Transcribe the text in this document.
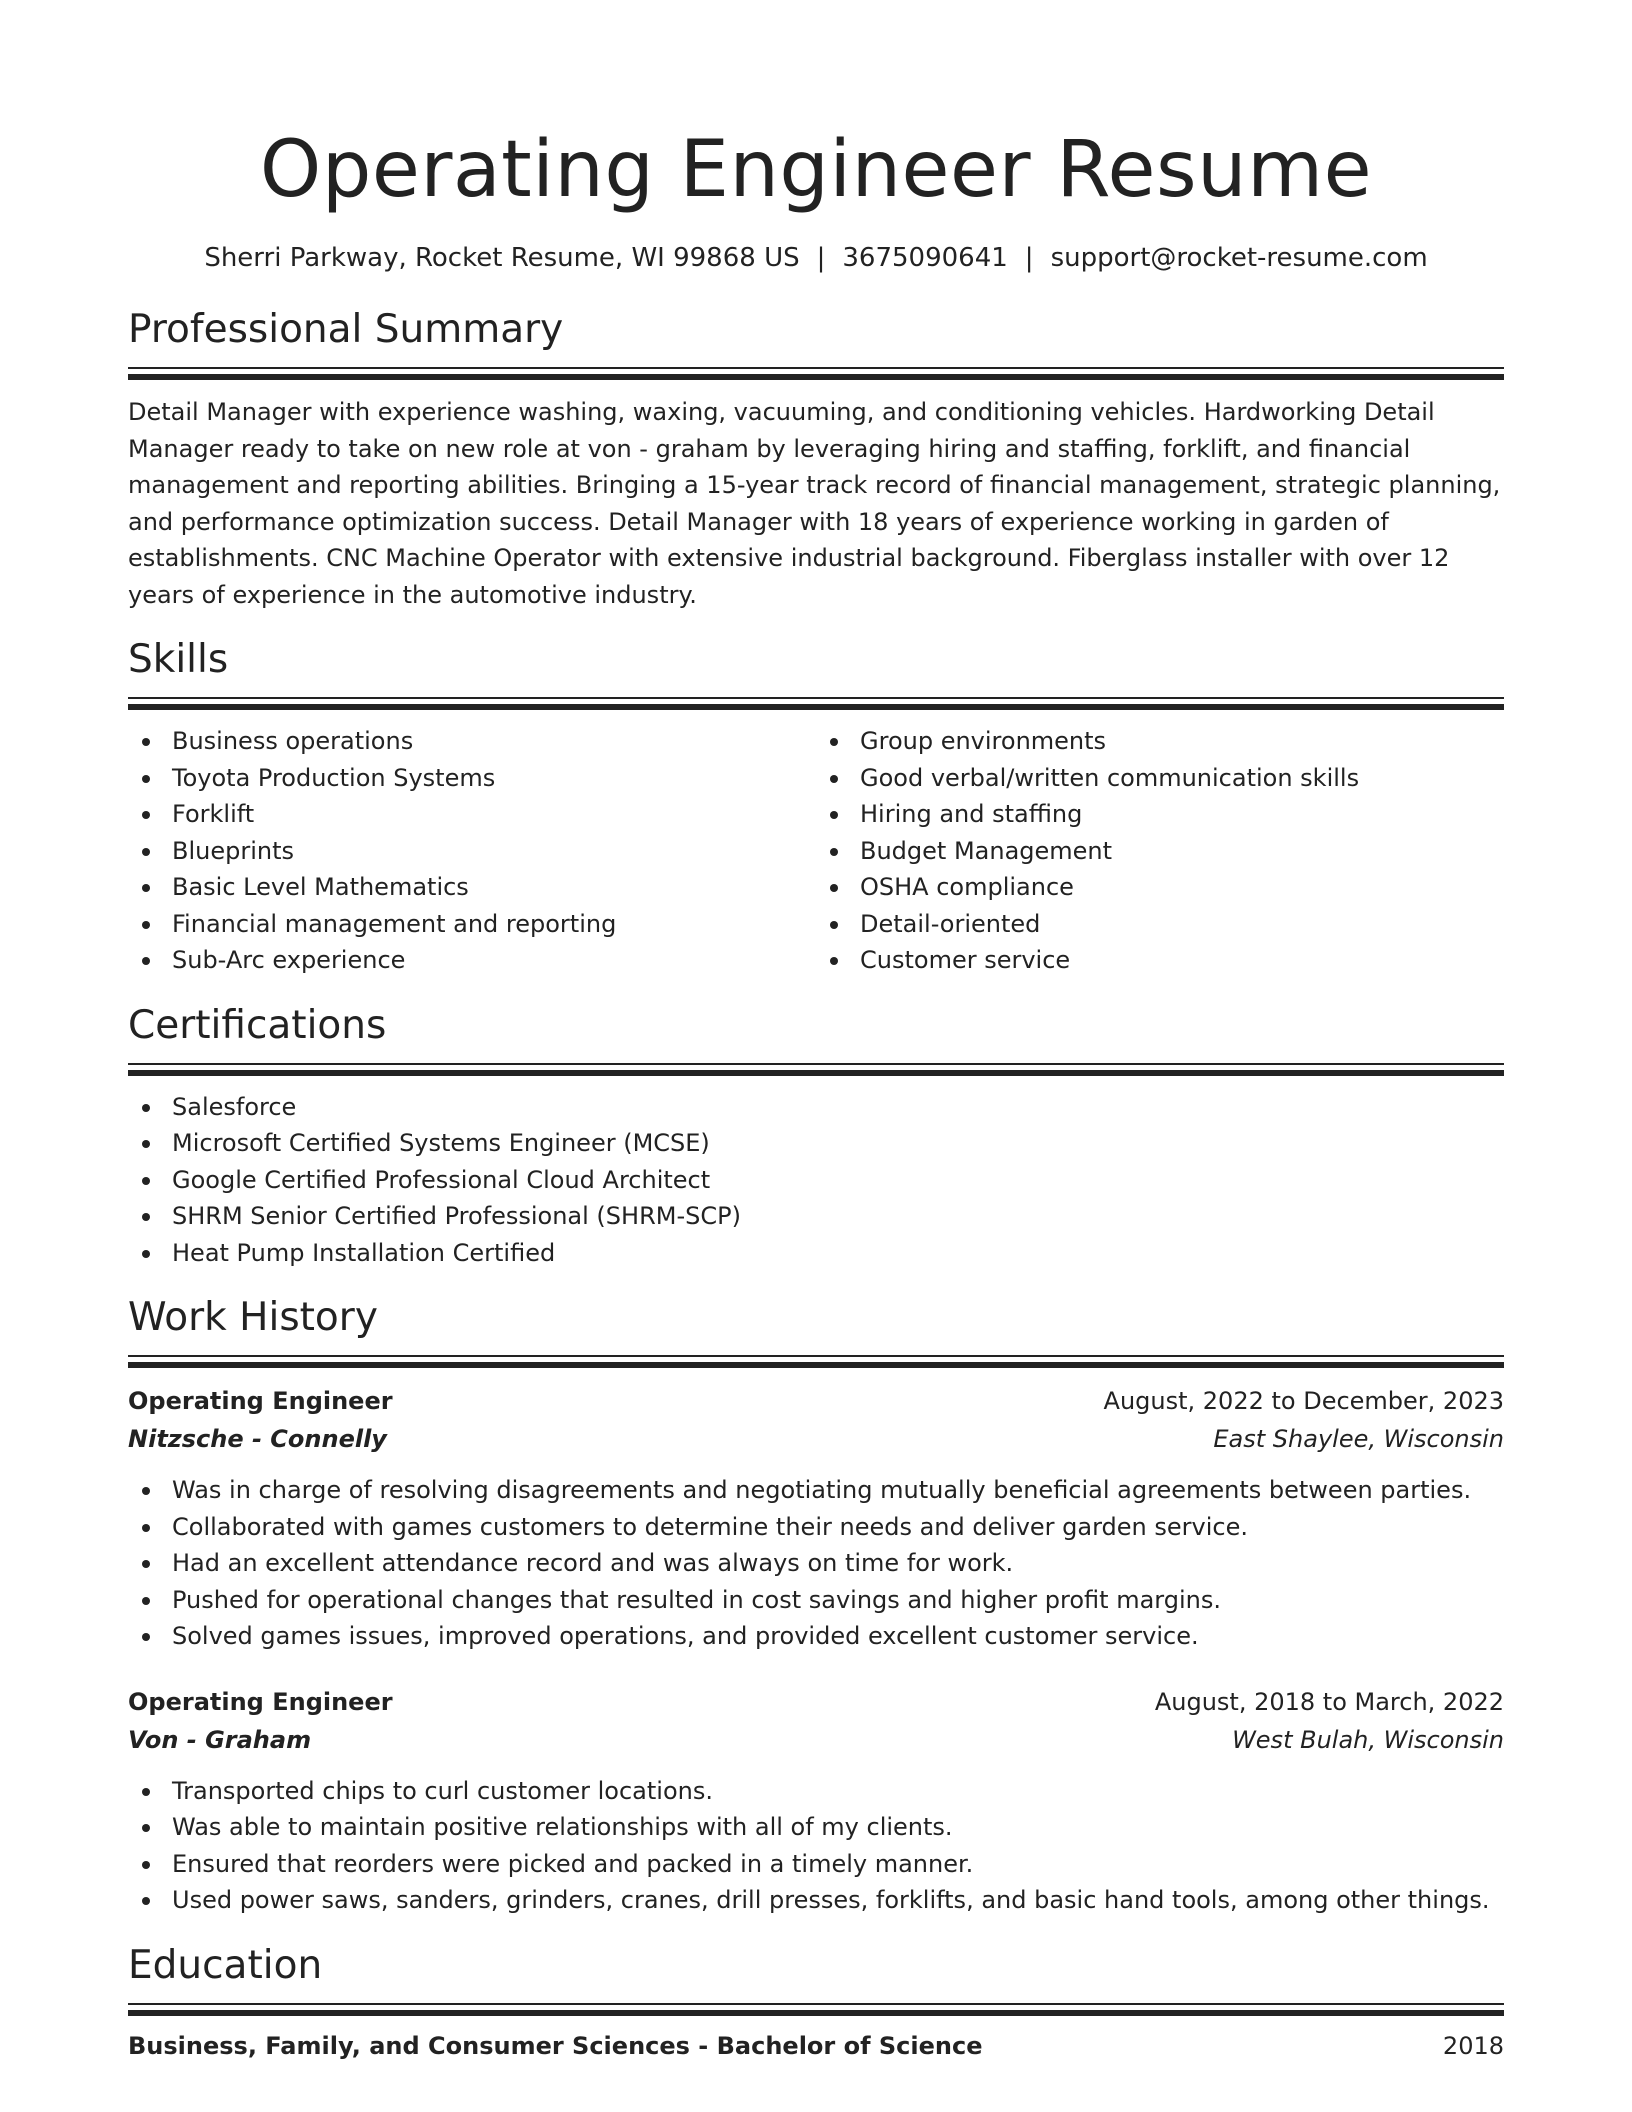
Operating Engineer Resume
Sherri Parkway, Rocket Resume, WI 99868 US | 3675090641 | support@rocket-resume.com
Professional Summary
Detail Manager with experience washing, waxing, vacuuming, and conditioning vehicles. Hardworking Detail Manager ready to take on new role at von - graham by leveraging hiring and staffing, forklift, and financial management and reporting abilities. Bringing a 15-year track record of financial management, strategic planning, and performance optimization success. Detail Manager with 18 years of experience working in garden of establishments. CNC Machine Operator with extensive industrial background. Fiberglass installer with over 12 years of experience in the automotive industry.
Skills
Business operations
Toyota Production Systems
Forklift
Blueprints
Basic Level Mathematics
Financial management and reporting
Sub-Arc experience
Group environments
Good verbal/written communication skills
Hiring and staffing
Budget Management
OSHA compliance
Detail-oriented
Customer service
Certifications
Salesforce
Microsoft Certified Systems Engineer (MCSE)
Google Certified Professional Cloud Architect
SHRM Senior Certified Professional (SHRM-SCP)
Heat Pump Installation Certified
Work History
Operating Engineer	August, 2022 to December, 2023
Nitzsche - Connelly	East Shaylee, Wisconsin
Was in charge of resolving disagreements and negotiating mutually beneficial agreements between parties.
Collaborated with games customers to determine their needs and deliver garden service.
Had an excellent attendance record and was always on time for work.
Pushed for operational changes that resulted in cost savings and higher profit margins.
Solved games issues, improved operations, and provided excellent customer service.
Operating Engineer	August, 2018 to March, 2022
Von - Graham	West Bulah, Wisconsin
Transported chips to curl customer locations.
Was able to maintain positive relationships with all of my clients.
Ensured that reorders were picked and packed in a timely manner.
Used power saws, sanders, grinders, cranes, drill presses, forklifts, and basic hand tools, among other things.
Education
Business, Family, and Consumer Sciences - Bachelor of Science	2018
